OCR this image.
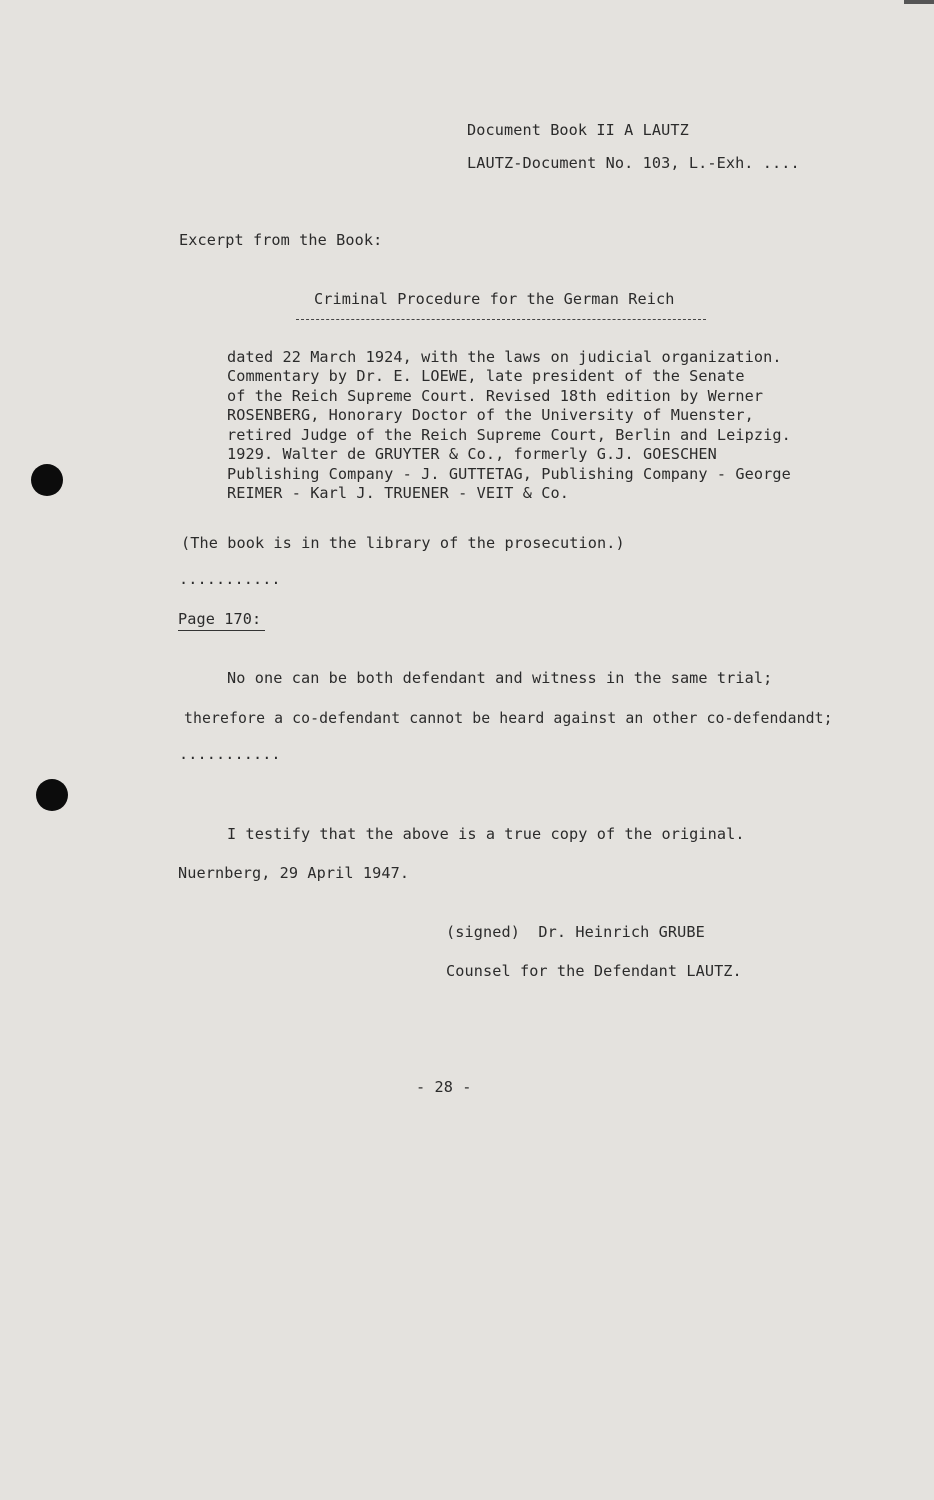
Document Book II A LAUTZ
LAUTZ-Document No. 103, L.-Exh. ....
Excerpt from the Book:
Criminal Procedure for the German Reich
dated 22 March 1924, with the laws on judicial organization.
Commentary by Dr. E. LOEWE, late president of the Senate
of the Reich Supreme Court. Revised 18th edition by Werner
ROSENBERG, Honorary Doctor of the University of Muenster,
retired Judge of the Reich Supreme Court, Berlin and Leipzig.
1929. Walter de GRUYTER & Co., formerly G.J. GOESCHEN
Publishing Company - J. GUTTETAG, Publishing Company - George
REIMER - Karl J. TRUENER - VEIT & Co.
(The book is in the library of the prosecution.)
...........
Page 170:
No one can be both defendant and witness in the same trial;
therefore a co-defendant cannot be heard against an other co-defendandt;
...........
I testify that the above is a true copy of the original.
Nuernberg, 29 April 1947.
(signed)  Dr. Heinrich GRUBE
Counsel for the Defendant LAUTZ.
- 28 -
